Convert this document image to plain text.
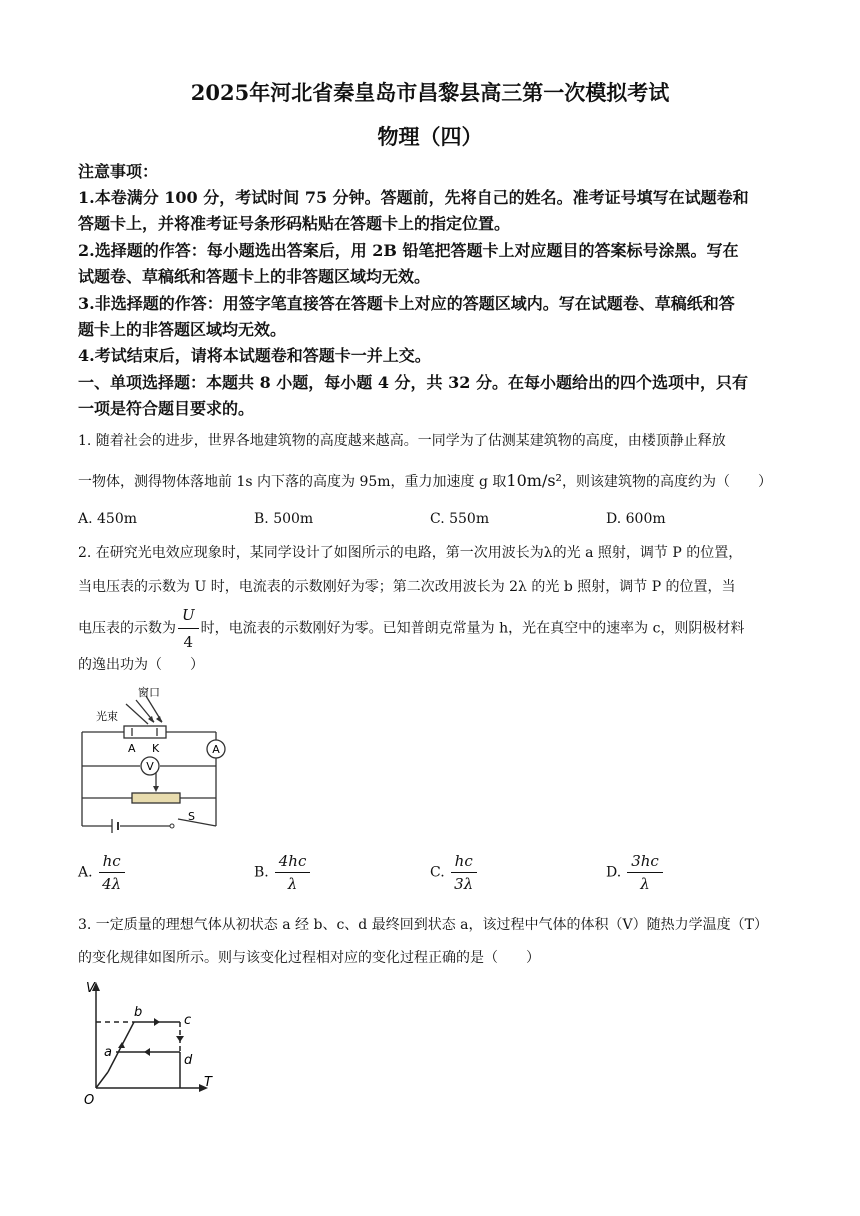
2025年河北省秦皇岛市昌黎县高三第一次模拟考试
物理（四）
注意事项：
1.本卷满分 100 分，考试时间 75 分钟。答题前，先将自己的姓名。准考证号填写在试题卷和
答题卡上，并将准考证号条形码粘贴在答题卡上的指定位置。
2.选择题的作答：每小题选出答案后，用 2B 铅笔把答题卡上对应题目的答案标号涂黑。写在
试题卷、草稿纸和答题卡上的非答题区域均无效。
3.非选择题的作答：用签字笔直接答在答题卡上对应的答题区域内。写在试题卷、草稿纸和答
题卡上的非答题区域均无效。
4.考试结束后，请将本试题卷和答题卡一并上交。
一、单项选择题：本题共 8 小题，每小题 4 分，共 32 分。在每小题给出的四个选项中，只有
一项是符合题目要求的。
1. 随着社会的进步，世界各地建筑物的高度越来越高。一同学为了估测某建筑物的高度，由楼顶静止释放
一物体，测得物体落地前 1s 内下落的高度为 95m，重力加速度 g 取10m/s²，则该建筑物的高度约为（　　）
A. 450m	B. 500m	C. 550m	D. 600m
2. 在研究光电效应现象时，某同学设计了如图所示的电路，第一次用波长为λ的光 a 照射，调节 P 的位置，
当电压表的示数为 U 时，电流表的示数刚好为零；第二次改用波长为 2λ 的光 b 照射，调节 P 的位置，当
电压表的示数为 $\frac{U}{4}$ 时，电流表的示数刚好为零。已知普朗克常量为 h，光在真空中的速率为 c，则阴极材料
的逸出功为（　　）
A
V
窗口
光束
A K
S
A. $\frac{hc}{4\lambda}$	B. $\frac{4hc}{\lambda}$	C. $\frac{hc}{3\lambda}$	D. $\frac{3hc}{\lambda}$
3. 一定质量的理想气体从初状态 a 经 b、c、d 最终回到状态 a，该过程中气体的体积（V）随热力学温度（T）
的变化规律如图所示。则与该变化过程相对应的变化过程正确的是（　　）
V
T
O
a
b
c
d
